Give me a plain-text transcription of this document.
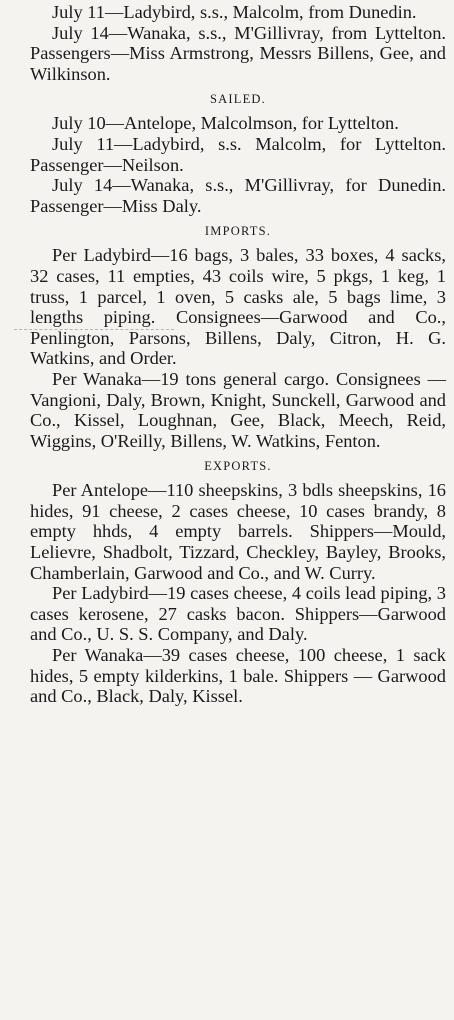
July 11—Ladybird, s.s., Malcolm, from Dunedin.

July 14—Wanaka, s.s., M'Gillivray, from Lyttelton. Passengers—Miss Armstrong, Messrs Billens, Gee, and Wilkinson.

SAILED.

July 10—Antelope, Malcolmson, for Lyttelton.

July 11—Ladybird, s.s. Malcolm, for Lyttelton. Passenger—Neilson.

July 14—Wanaka, s.s., M'Gillivray, for Dunedin. Passenger—Miss Daly.

IMPORTS.

Per Ladybird—16 bags, 3 bales, 33 boxes, 4 sacks, 32 cases, 11 empties, 43 coils wire, 5 pkgs, 1 keg, 1 truss, 1 parcel, 1 oven, 5 casks ale, 5 bags lime, 3 lengths piping. Consignees—Garwood and Co., Penlington, Parsons, Billens, Daly, Citron, H. G. Watkins, and Order.

Per Wanaka—19 tons general cargo. Consignees — Vangioni, Daly, Brown, Knight, Sunckell, Garwood and Co., Kissel, Loughnan, Gee, Black, Meech, Reid, Wiggins, O'Reilly, Billens, W. Watkins, Fenton.

EXPORTS.

Per Antelope—110 sheepskins, 3 bdls sheepskins, 16 hides, 91 cheese, 2 cases cheese, 10 cases brandy, 8 empty hhds, 4 empty barrels. Shippers—Mould, Lelievre, Shadbolt, Tizzard, Checkley, Bayley, Brooks, Chamberlain, Garwood and Co., and W. Curry.

Per Ladybird—19 cases cheese, 4 coils lead piping, 3 cases kerosene, 27 casks bacon. Shippers—Garwood and Co., U. S. S. Company, and Daly.

Per Wanaka—39 cases cheese, 100 cheese, 1 sack hides, 5 empty kilderkins, 1 bale. Shippers — Garwood and Co., Black, Daly, Kissel.
